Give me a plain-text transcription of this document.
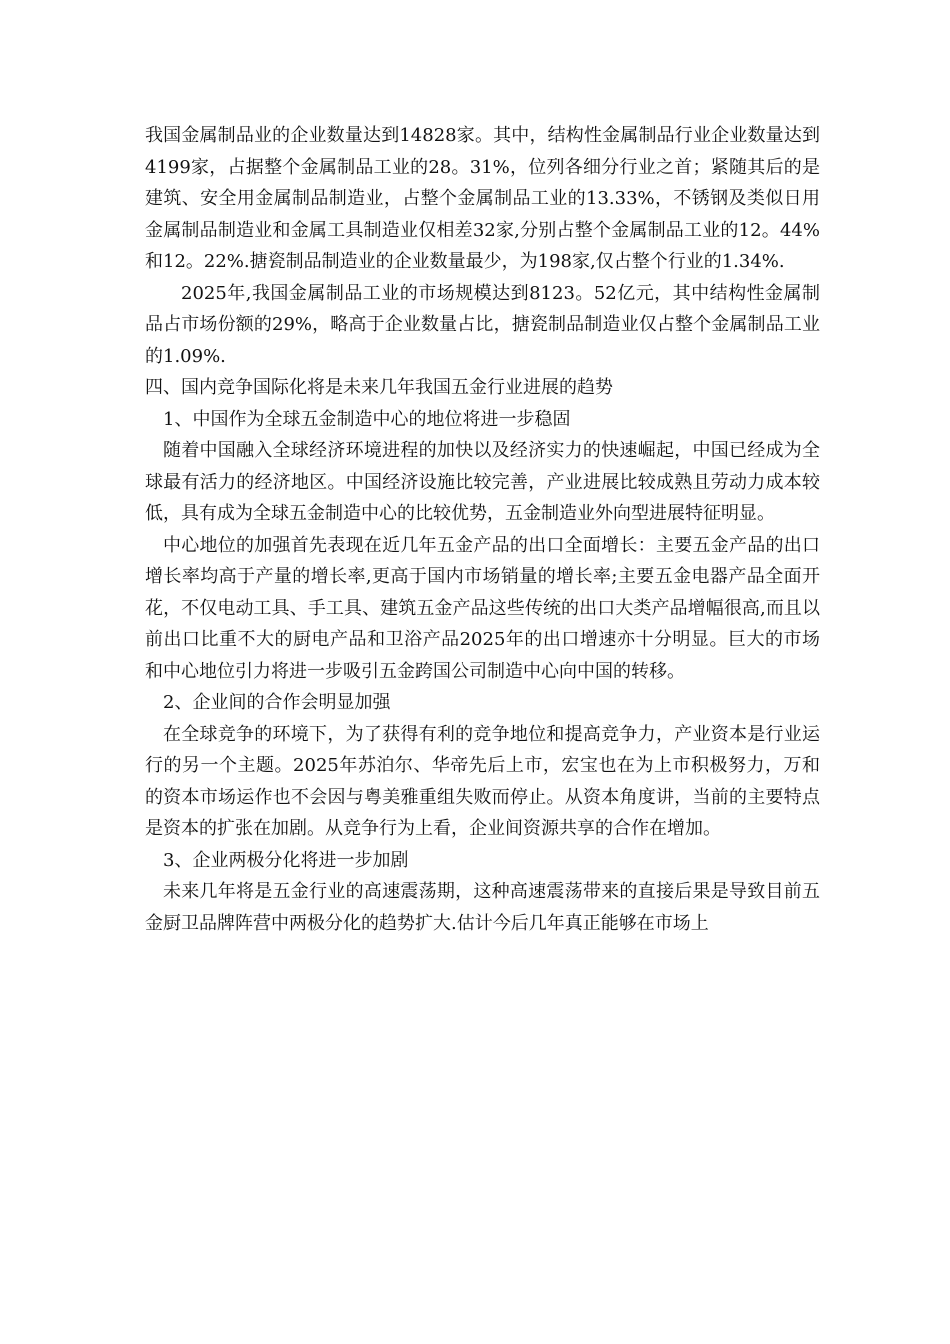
我国金属制品业的企业数量达到14828家。其中，结构性金属制品行业企业数量达到4199家，占据整个金属制品工业的28。31%，位列各细分行业之首；紧随其后的是建筑、安全用金属制品制造业，占整个金属制品工业的13.33%，不锈钢及类似日用金属制品制造业和金属工具制造业仅相差32家,分别占整个金属制品工业的12。44%和12。22%.搪瓷制品制造业的企业数量最少，为198家,仅占整个行业的1.34%.

2025年,我国金属制品工业的市场规模达到8123。52亿元，其中结构性金属制品占市场份额的29%，略高于企业数量占比，搪瓷制品制造业仅占整个金属制品工业的1.09%.

四、国内竞争国际化将是未来几年我国五金行业进展的趋势

1、中国作为全球五金制造中心的地位将进一步稳固

随着中国融入全球经济环境进程的加快以及经济实力的快速崛起，中国已经成为全球最有活力的经济地区。中国经济设施比较完善，产业进展比较成熟且劳动力成本较低，具有成为全球五金制造中心的比较优势，五金制造业外向型进展特征明显。

中心地位的加强首先表现在近几年五金产品的出口全面增长：主要五金产品的出口增长率均高于产量的增长率,更高于国内市场销量的增长率;主要五金电器产品全面开花，不仅电动工具、手工具、建筑五金产品这些传统的出口大类产品增幅很高,而且以前出口比重不大的厨电产品和卫浴产品2025年的出口增速亦十分明显。巨大的市场和中心地位引力将进一步吸引五金跨国公司制造中心向中国的转移。

2、企业间的合作会明显加强

在全球竞争的环境下，为了获得有利的竞争地位和提高竞争力，产业资本是行业运行的另一个主题。2025年苏泊尔、华帝先后上市，宏宝也在为上市积极努力，万和的资本市场运作也不会因与粤美雅重组失败而停止。从资本角度讲，当前的主要特点是资本的扩张在加剧。从竞争行为上看，企业间资源共享的合作在增加。

3、企业两极分化将进一步加剧

未来几年将是五金行业的高速震荡期，这种高速震荡带来的直接后果是导致目前五金厨卫品牌阵营中两极分化的趋势扩大.估计今后几年真正能够在市场上
